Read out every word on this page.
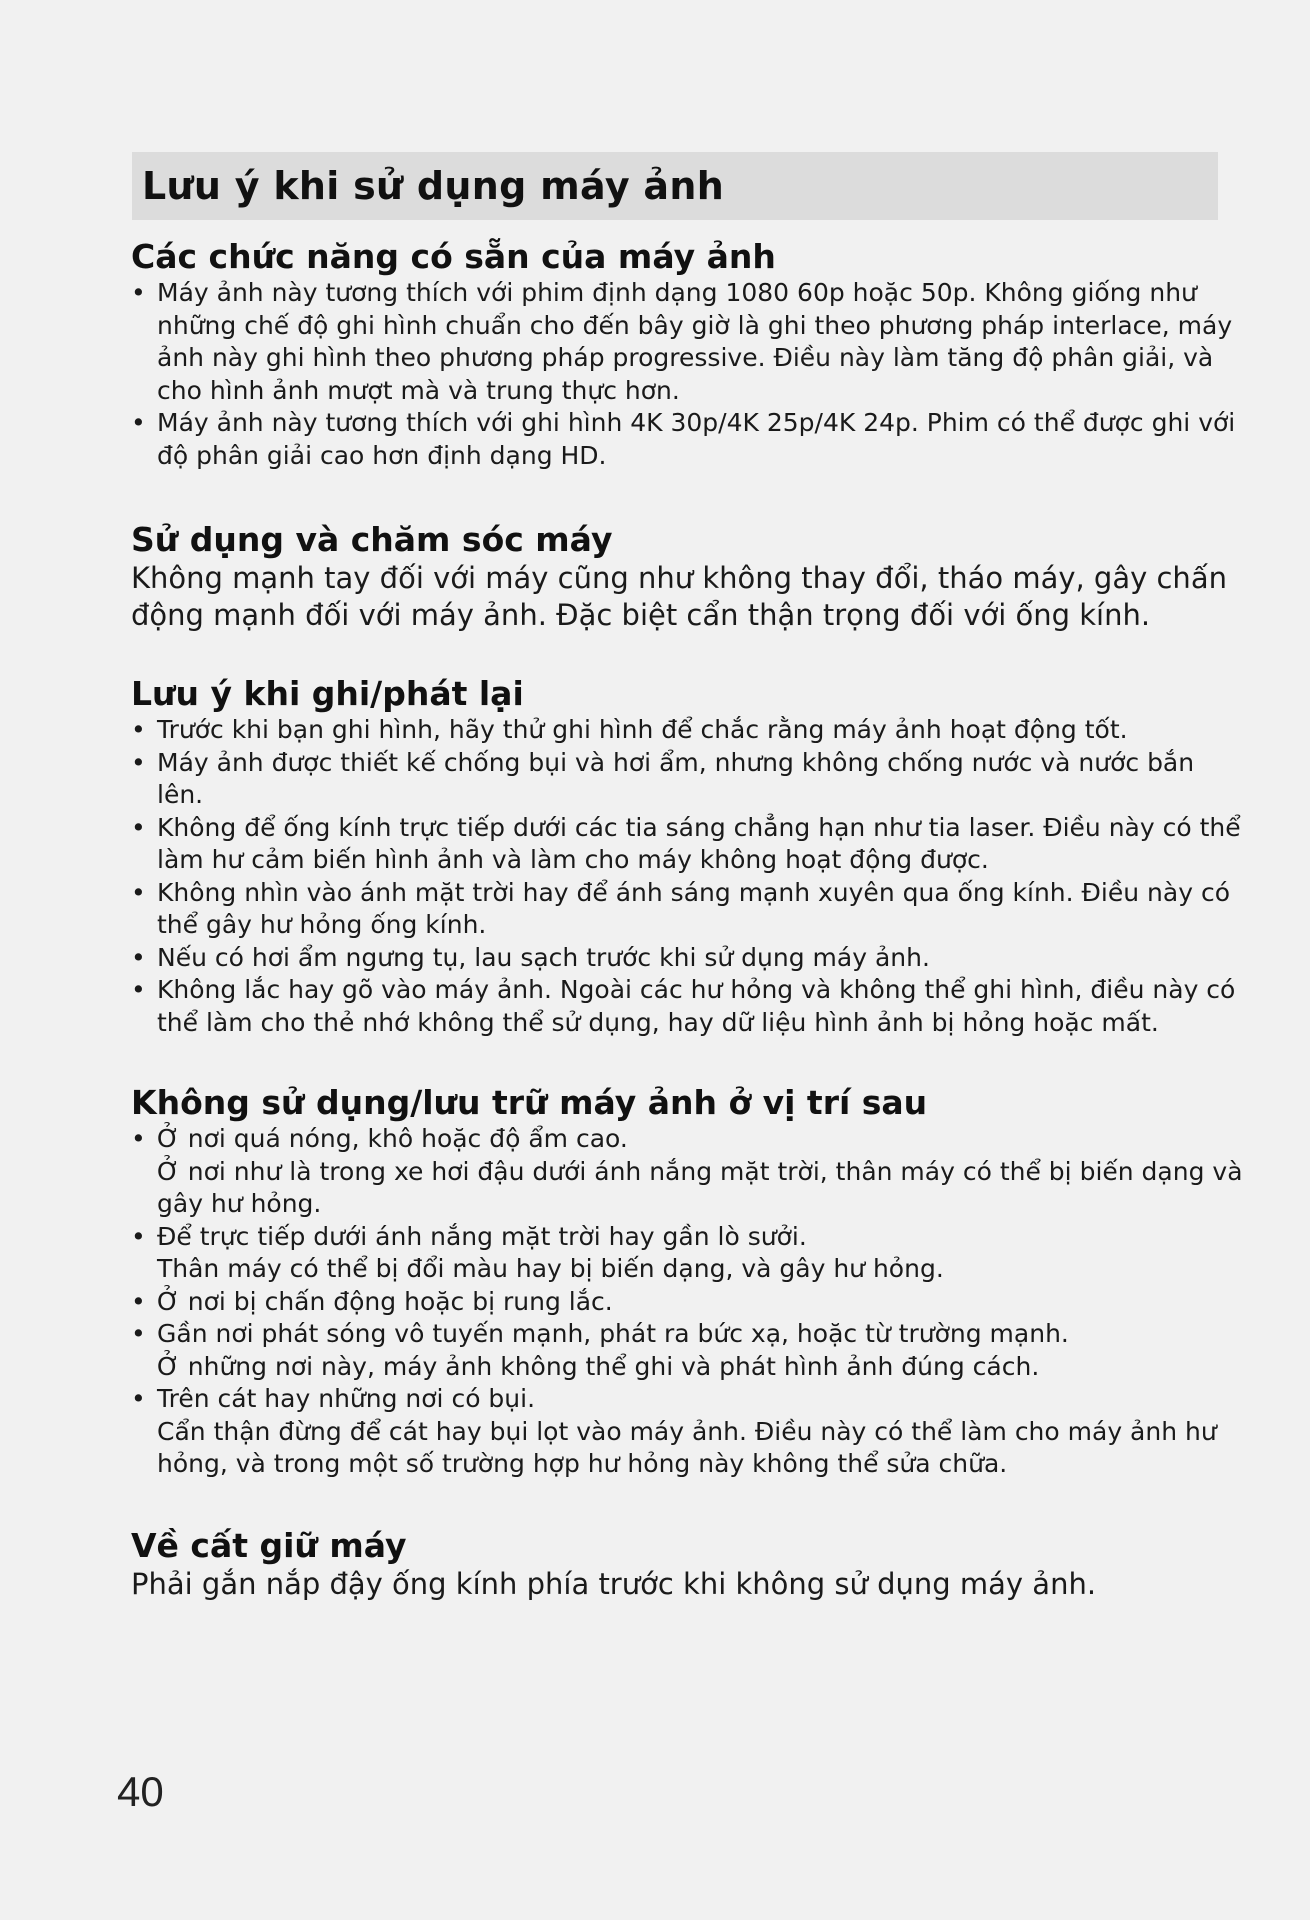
Lưu ý khi sử dụng máy ảnh
Các chức năng có sẵn của máy ảnh
• Máy ảnh này tương thích với phim định dạng 1080 60p hoặc 50p. Không giống như những chế độ ghi hình chuẩn cho đến bây giờ là ghi theo phương pháp interlace, máy ảnh này ghi hình theo phương pháp progressive. Điều này làm tăng độ phân giải, và cho hình ảnh mượt mà và trung thực hơn.
• Máy ảnh này tương thích với ghi hình 4K 30p/4K 25p/4K 24p. Phim có thể được ghi với độ phân giải cao hơn định dạng HD.
Sử dụng và chăm sóc máy

Không mạnh tay đối với máy cũng như không thay đổi, tháo máy, gây chấn động mạnh đối với máy ảnh. Đặc biệt cẩn thận trọng đối với ống kính.

Lưu ý khi ghi/phát lại
• Trước khi bạn ghi hình, hãy thử ghi hình để chắc rằng máy ảnh hoạt động tốt.
• Máy ảnh được thiết kế chống bụi và hơi ẩm, nhưng không chống nước và nước bắn lên.
• Không để ống kính trực tiếp dưới các tia sáng chẳng hạn như tia laser. Điều này có thể làm hư cảm biến hình ảnh và làm cho máy không hoạt động được.
• Không nhìn vào ánh mặt trời hay để ánh sáng mạnh xuyên qua ống kính. Điều này có thể gây hư hỏng ống kính.
• Nếu có hơi ẩm ngưng tụ, lau sạch trước khi sử dụng máy ảnh.
• Không lắc hay gõ vào máy ảnh. Ngoài các hư hỏng và không thể ghi hình, điều này có thể làm cho thẻ nhớ không thể sử dụng, hay dữ liệu hình ảnh bị hỏng hoặc mất.
Không sử dụng/lưu trữ máy ảnh ở vị trí sau
• Ở nơi quá nóng, khô hoặc độ ẩm cao.
Ở nơi như là trong xe hơi đậu dưới ánh nắng mặt trời, thân máy có thể bị biến dạng và gây hư hỏng.
• Để trực tiếp dưới ánh nắng mặt trời hay gần lò sưởi.
Thân máy có thể bị đổi màu hay bị biến dạng, và gây hư hỏng.
• Ở nơi bị chấn động hoặc bị rung lắc.
• Gần nơi phát sóng vô tuyến mạnh, phát ra bức xạ, hoặc từ trường mạnh.
Ở những nơi này, máy ảnh không thể ghi và phát hình ảnh đúng cách.
• Trên cát hay những nơi có bụi.
Cẩn thận đừng để cát hay bụi lọt vào máy ảnh. Điều này có thể làm cho máy ảnh hư hỏng, và trong một số trường hợp hư hỏng này không thể sửa chữa.
Về cất giữ máy

Phải gắn nắp đậy ống kính phía trước khi không sử dụng máy ảnh.

40
